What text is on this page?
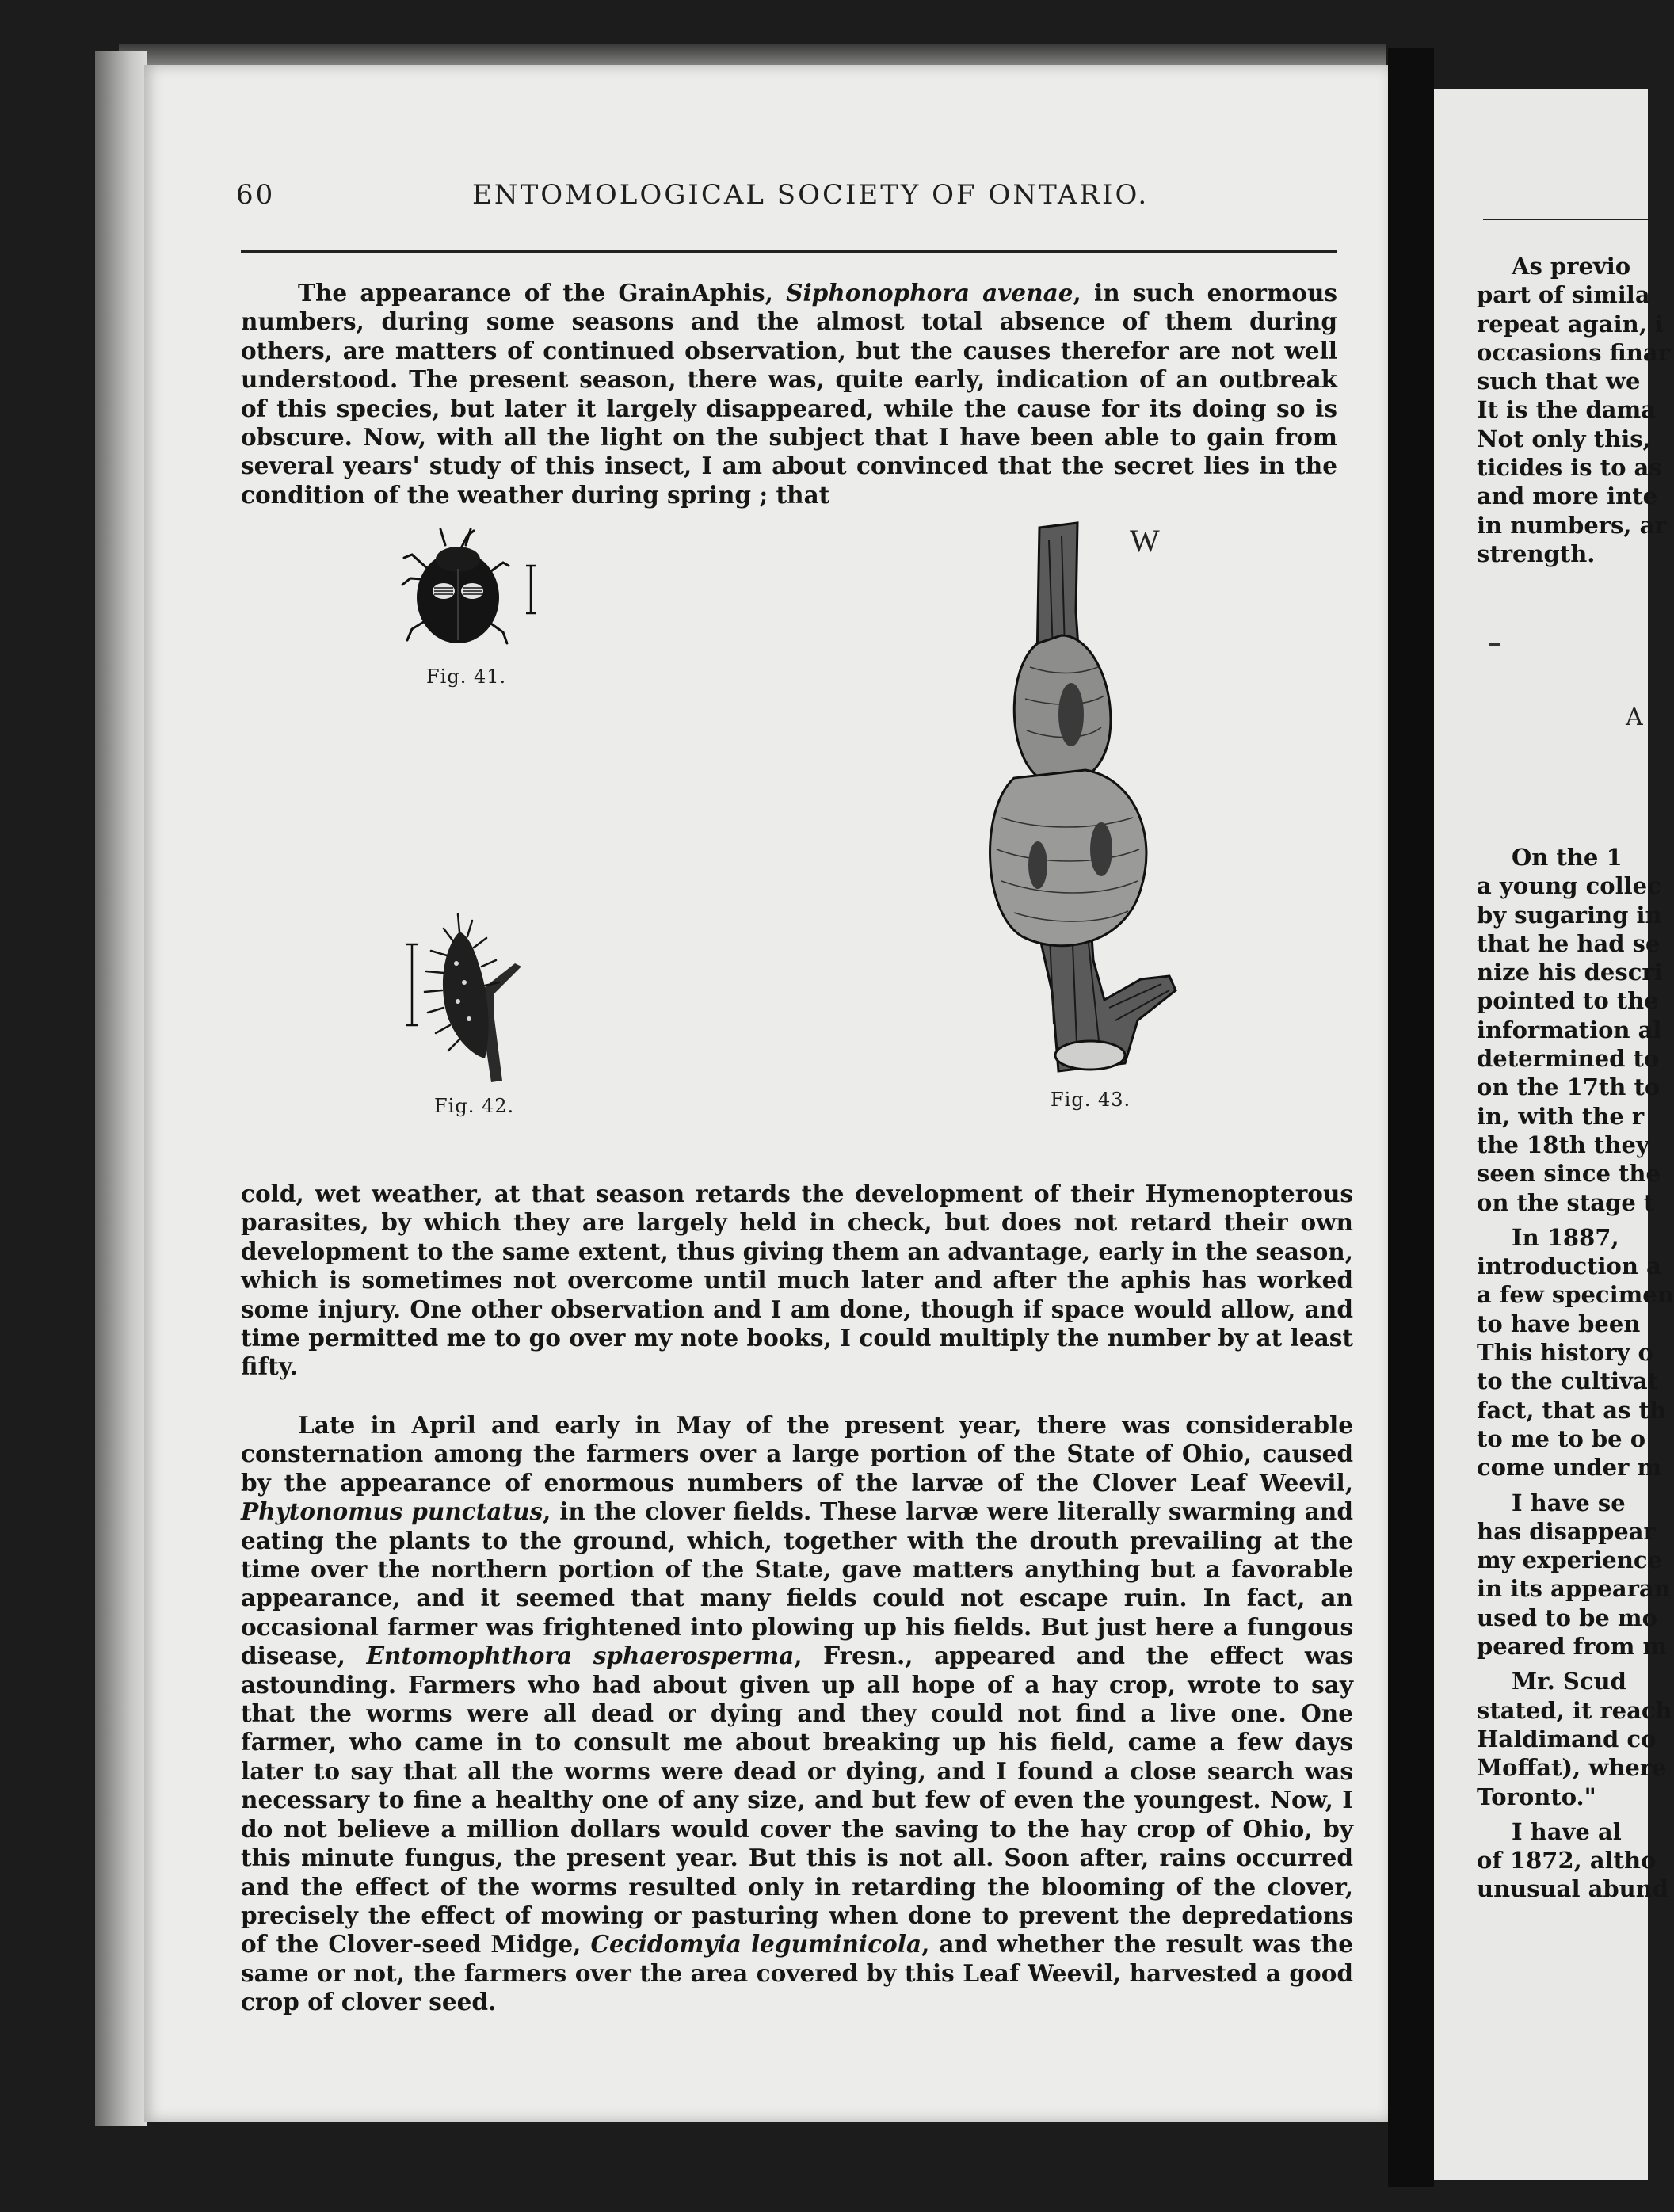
60	ENTOMOLOGICAL SOCIETY OF ONTARIO.

The appearance of the GrainAphis, Siphonophora avenae, in such enormous numbers, during some seasons and the almost total absence of them during others, are matters of continued observation, but the causes therefor are not well understood. The present season, there was, quite early, indication of an outbreak of this species, but later it largely disappeared, while the cause for its doing so is obscure. Now, with all the light on the subject that I have been able to gain from several years' study of this insect, I am about convinced that the secret lies in the condition of the weather during spring ; that

Fig. 41.
Fig. 42.
W
Fig. 43.

cold, wet weather, at that season retards the development of their Hymenopterous parasites, by which they are largely held in check, but does not retard their own development to the same extent, thus giving them an advantage, early in the season, which is sometimes not overcome until much later and after the aphis has worked some injury. One other observation and I am done, though if space would allow, and time permitted me to go over my note books, I could multiply the number by at least fifty.

Late in April and early in May of the present year, there was considerable consternation among the farmers over a large portion of the State of Ohio, caused by the appearance of enormous numbers of the larvæ of the Clover Leaf Weevil, Phytonomus punctatus, in the clover fields. These larvæ were literally swarming and eating the plants to the ground, which, together with the drouth prevailing at the time over the northern portion of the State, gave matters anything but a favorable appearance, and it seemed that many fields could not escape ruin. In fact, an occasional farmer was frightened into plowing up his fields. But just here a fungous disease, Entomophthora sphaerosperma, Fresn., appeared and the effect was astounding. Farmers who had about given up all hope of a hay crop, wrote to say that the worms were all dead or dying and they could not find a live one. One farmer, who came in to consult me about breaking up his field, came a few days later to say that all the worms were dead or dying, and I found a close search was necessary to fine a healthy one of any size, and but few of even the youngest. Now, I do not believe a million dollars would cover the saving to the hay crop of Ohio, by this minute fungus, the present year. But this is not all. Soon after, rains occurred and the effect of the worms resulted only in retarding the blooming of the clover, precisely the effect of mowing or pasturing when done to prevent the depredations of the Clover-seed Midge, Cecidomyia leguminicola, and whether the result was the same or not, the farmers over the area covered by this Leaf Weevil, harvested a good crop of clover seed.

As previo
part of simila
repeat again, i
occasions finar
such that we
It is the dama
Not only this,
ticides is to as
and more inte
in numbers, ar
strength.
A
On the 1
a young collec
by sugaring in
that he had se
nize his descri
pointed to the
information al
determined to
on the 17th to
in, with the r
the 18th they
seen since the
on the stage t
In 1887,
introduction a
a few specimen
to have been
This history o
to the cultivat
fact, that as th
to me to be o
come under m
I have se
has disappear
my experience
in its appearan
used to be mo
peared from m
Mr. Scud
stated, it reach
Haldimand co
Moffat), where
Toronto."
I have al
of 1872, altho
unusual abund
